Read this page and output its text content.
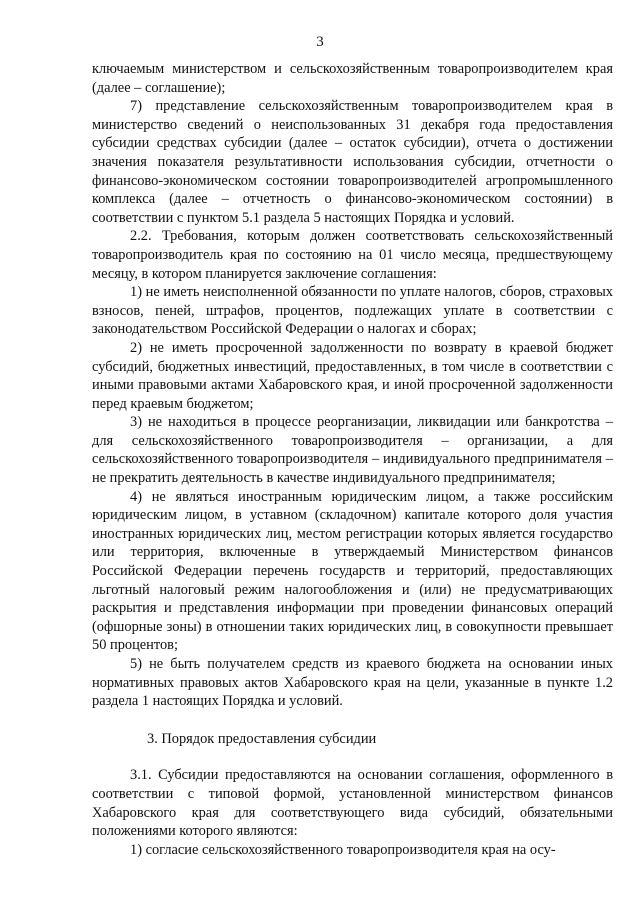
3

ключаемым министерством и сельскохозяйственным товаропроизводителем края (далее – соглашение);

7) представление сельскохозяйственным товаропроизводителем края в министерство сведений о неиспользованных 31 декабря года предоставления субсидии средствах субсидии (далее – остаток субсидии), отчета о достижении значения показателя результативности использования субсидии, отчетности о финансово-экономическом состоянии товаропроизводителей агропромышленного комплекса (далее – отчетность о финансово-экономическом состоянии) в соответствии с пунктом 5.1 раздела 5 настоящих Порядка и условий.

2.2. Требования, которым должен соответствовать сельскохозяйственный товаропроизводитель края по состоянию на 01 число месяца, предшествующему месяцу, в котором планируется заключение соглашения:

1) не иметь неисполненной обязанности по уплате налогов, сборов, страховых взносов, пеней, штрафов, процентов, подлежащих уплате в соответствии с законодательством Российской Федерации о налогах и сборах;

2) не иметь просроченной задолженности по возврату в краевой бюджет субсидий, бюджетных инвестиций, предоставленных, в том числе в соответствии с иными правовыми актами Хабаровского края, и иной просроченной задолженности перед краевым бюджетом;

3) не находиться в процессе реорганизации, ликвидации или банкротства – для сельскохозяйственного товаропроизводителя – организации, а для сельскохозяйственного товаропроизводителя – индивидуального предпринимателя – не прекратить деятельность в качестве индивидуального предпринимателя;

4) не являться иностранным юридическим лицом, а также российским юридическим лицом, в уставном (складочном) капитале которого доля участия иностранных юридических лиц, местом регистрации которых является государство или территория, включенные в утверждаемый Министерством финансов Российской Федерации перечень государств и территорий, предоставляющих льготный налоговый режим налогообложения и (или) не предусматривающих раскрытия и представления информации при проведении финансовых операций (офшорные зоны) в отношении таких юридических лиц, в совокупности превышает 50 процентов;

5) не быть получателем средств из краевого бюджета на основании иных нормативных правовых актов Хабаровского края на цели, указанные в пункте 1.2 раздела 1 настоящих Порядка и условий.

3. Порядок предоставления субсидии

3.1. Субсидии предоставляются на основании соглашения, оформленного в соответствии с типовой формой, установленной министерством финансов Хабаровского края для соответствующего вида субсидий, обязательными положениями которого являются:

1) согласие сельскохозяйственного товаропроизводителя края на осу-
